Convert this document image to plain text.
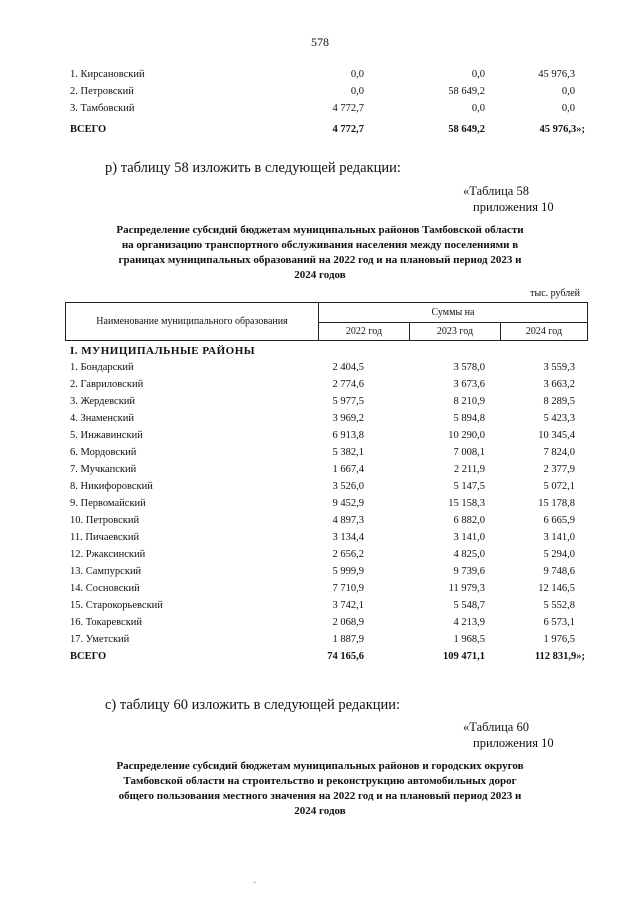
578
1. Кирсановский	0,0	0,0	45 976,3
2. Петровский	0,0	58 649,2	0,0
3. Тамбовский	4 772,7	0,0	0,0
ВСЕГО	4 772,7	58 649,2	45 976,3»;
р) таблицу 58 изложить в следующей редакции:
«Таблица 58
приложения 10
Распределение субсидий бюджетам муниципальных районов Тамбовской области
на организацию транспортного обслуживания населения между поселениями в
границах муниципальных образований на 2022 год и на плановый период 2023 и
2024 годов
тыс. рублей
Наименование муниципального образования	Суммы на		
	2022 год	2023 год	2024 год
I. МУНИЦИПАЛЬНЫЕ РАЙОНЫ
1. Бондарский	2 404,5	3 578,0	3 559,3
2. Гавриловский	2 774,6	3 673,6	3 663,2
3. Жердевский	5 977,5	8 210,9	8 289,5
4. Знаменский	3 969,2	5 894,8	5 423,3
5. Инжавинский	6 913,8	10 290,0	10 345,4
6. Мордовский	5 382,1	7 008,1	7 824,0
7. Мучкапский	1 667,4	2 211,9	2 377,9
8. Никифоровский	3 526,0	5 147,5	5 072,1
9. Первомайский	9 452,9	15 158,3	15 178,8
10. Петровский	4 897,3	6 882,0	6 665,9
11. Пичаевский	3 134,4	3 141,0	3 141,0
12. Ржаксинский	2 656,2	4 825,0	5 294,0
13. Сампурский	5 999,9	9 739,6	9 748,6
14. Сосновский	7 710,9	11 979,3	12 146,5
15. Старокорьевский	3 742,1	5 548,7	5 552,8
16. Токаревский	2 068,9	4 213,9	6 573,1
17. Уметский	1 887,9	1 968,5	1 976,5
ВСЕГО	74 165,6	109 471,1	112 831,9»;
с) таблицу 60 изложить в следующей редакции:
«Таблица 60
приложения 10
Распределение субсидий бюджетам муниципальных районов и городских округов
Тамбовской области на строительство и реконструкцию автомобильных дорог
общего пользования местного значения на 2022 год и на плановый период 2023 и
2024 годов
"
